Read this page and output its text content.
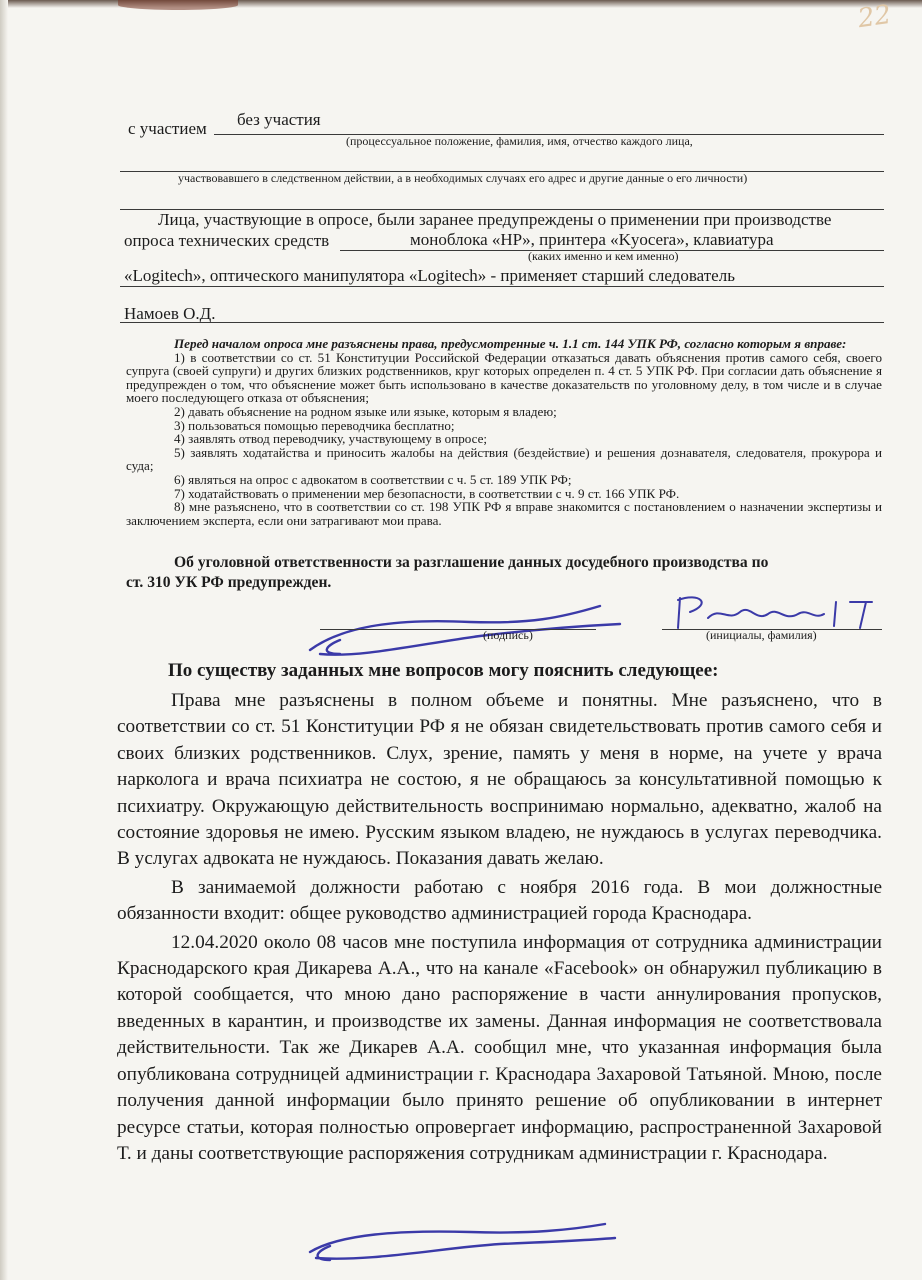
22
с участием без участия
(процессуальное положение, фамилия, имя, отчество каждого лица,
участвовавшего в следственном действии, а в необходимых случаях его адрес и другие данные о его личности)
Лица, участвующие в опросе, были заранее предупреждены о применении при производстве
опроса технических средств	моноблока «HP», принтера «Kyocera», клавиатура
(каких именно и кем именно)
«Logitech», оптического манипулятора «Logitech» - применяет старший следователь
Намоев О.Д.

Перед началом опроса мне разъяснены права, предусмотренные ч. 1.1 ст. 144 УПК РФ, согласно которым я вправе:

1) в соответствии со ст. 51 Конституции Российской Федерации отказаться давать объяснения против самого себя, своего супруга (своей супруги) и других близких родственников, круг которых определен п. 4 ст. 5 УПК РФ. При согласии дать объяснение я предупрежден о том, что объяснение может быть использовано в качестве доказательств по уголовному делу, в том числе и в случае моего последующего отказа от объяснения;

2) давать объяснение на родном языке или языке, которым я владею;

3) пользоваться помощью переводчика бесплатно;

4) заявлять отвод переводчику, участвующему в опросе;

5) заявлять ходатайства и приносить жалобы на действия (бездействие) и решения дознавателя, следователя, прокурора и суда;

6) являться на опрос с адвокатом в соответствии с ч. 5 ст. 189 УПК РФ;

7) ходатайствовать о применении мер безопасности, в соответствии с ч. 9 ст. 166 УПК РФ.

8) мне разъяснено, что в соответствии со ст. 198 УПК РФ я вправе знакомится с постановлением о назначении экспертизы и заключением эксперта, если они затрагивают мои права.

Об уголовной ответственности за разглашение данных досудебного производства по
ст. 310 УК РФ предупрежден.
(подпись)	(инициалы, фамилия)
По существу заданных мне вопросов могу пояснить следующее:

Права мне разъяснены в полном объеме и понятны. Мне разъяснено, что в соответствии со ст. 51 Конституции РФ я не обязан свидетельствовать против самого себя и своих близких родственников. Слух, зрение, память у меня в норме, на учете у врача нарколога и врача психиатра не состою, я не обращаюсь за консультативной помощью к психиатру. Окружающую действительность воспринимаю нормально, адекватно, жалоб на состояние здоровья не имею. Русским языком владею, не нуждаюсь в услугах переводчика. В услугах адвоката не нуждаюсь. Показания давать желаю.

В занимаемой должности работаю с ноября 2016 года. В мои должностные обязанности входит: общее руководство администрацией города Краснодара.

12.04.2020 около 08 часов мне поступила информация от сотрудника администрации Краснодарского края Дикарева А.А., что на канале «Facebook» он обнаружил публикацию в которой сообщается, что мною дано распоряжение в части аннулирования пропусков, введенных в карантин, и производстве их замены. Данная информация не соответствовала действительности. Так же Дикарев А.А. сообщил мне, что указанная информация была опубликована сотрудницей администрации г. Краснодара Захаровой Татьяной. Мною, после получения данной информации было принято решение об опубликовании в интернет ресурсе статьи, которая полностью опровергает информацию, распространенной Захаровой Т. и даны соответствующие распоряжения сотрудникам администрации г. Краснодара.
